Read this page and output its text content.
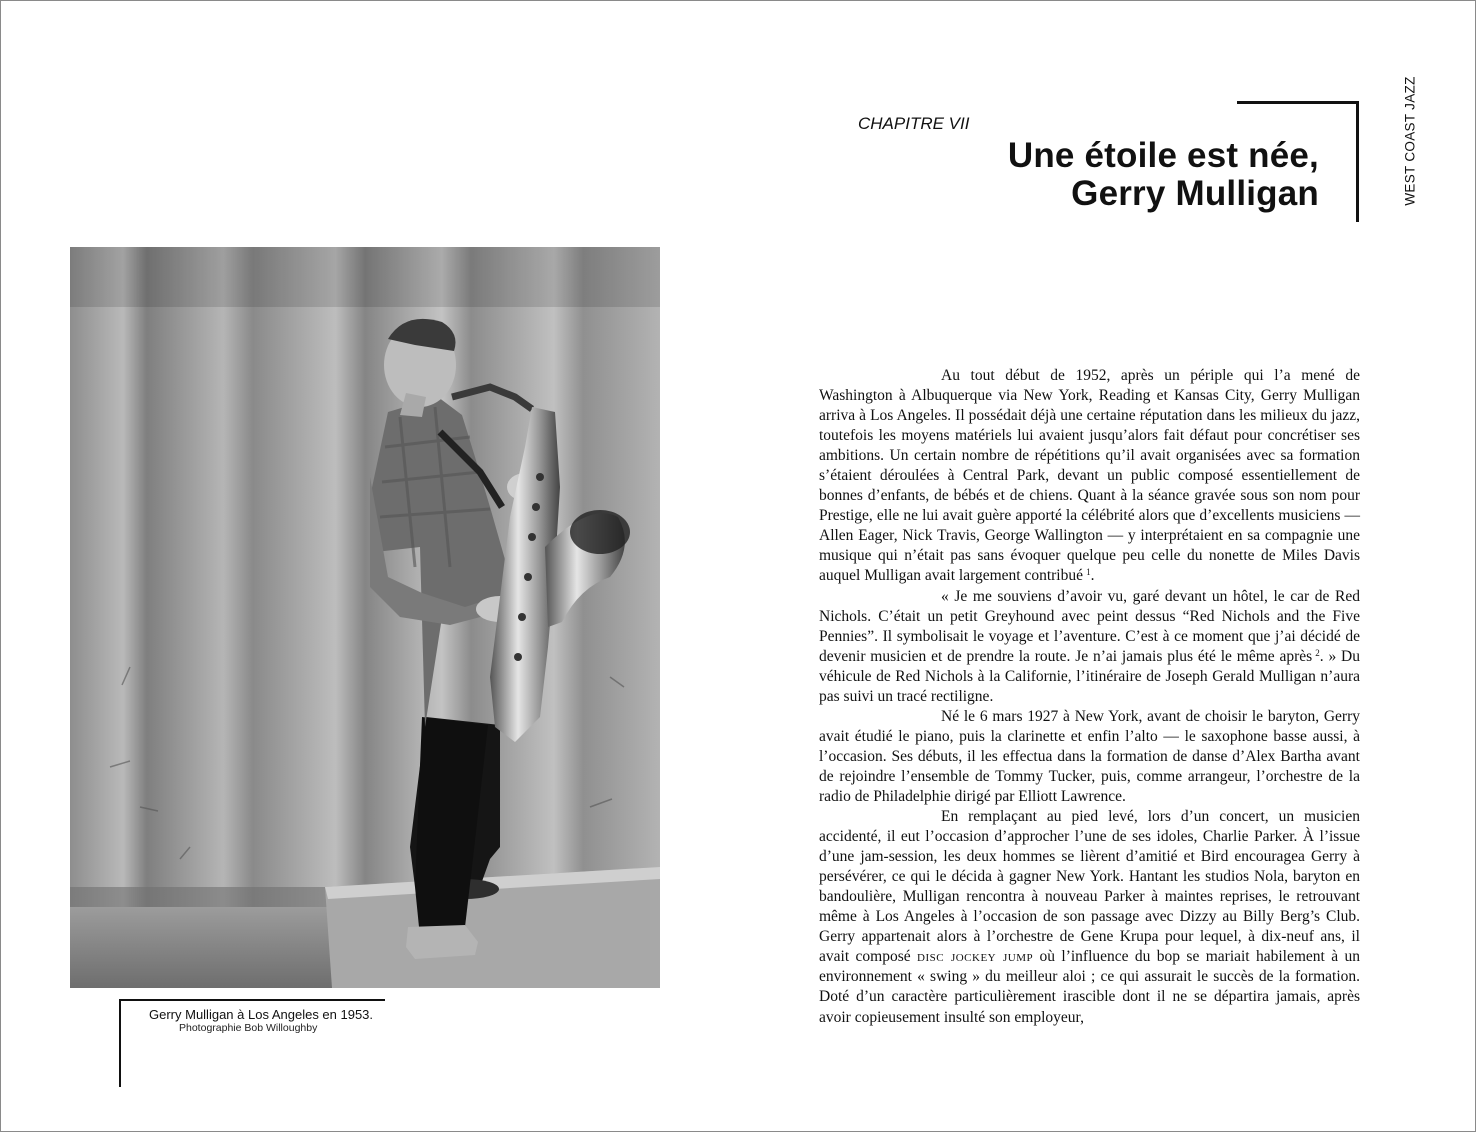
Gerry Mulligan à Los Angeles en 1953.
Photographie Bob Willoughby
CHAPITRE VII
Une étoile est née,
Gerry Mulligan	WEST COAST JAZZ

Au tout début de 1952, après un périple qui l’a mené de Washington à Albuquerque via New York, Reading et Kansas City, Gerry Mulligan arriva à Los Angeles. Il possédait déjà une certaine réputation dans les milieux du jazz, toutefois les moyens matériels lui avaient jusqu’alors fait défaut pour concrétiser ses ambitions. Un certain nombre de répétitions qu’il avait organisées avec sa formation s’étaient déroulées à Central Park, devant un public composé essentiellement de bonnes d’enfants, de bébés et de chiens. Quant à la séance gravée sous son nom pour Prestige, elle ne lui avait guère apporté la célébrité alors que d’excellents musiciens — Allen Eager, Nick Travis, George Wallington — y interprétaient en sa compagnie une musique qui n’était pas sans évoquer quelque peu celle du nonette de Miles Davis auquel Mulligan avait largement contribué  $^1$.

« Je me souviens d’avoir vu, garé devant un hôtel, le car de Red Nichols. C’était un petit Greyhound avec peint dessus “Red Nichols and the Five Pennies”. Il symbolisait le voyage et l’aventure. C’est à ce moment que j’ai décidé de devenir musicien et de prendre la route. Je n’ai jamais plus été le même après  $^2$. » Du véhicule de Red Nichols à la Californie, l’itinéraire de Joseph Gerald Mulligan n’aura pas suivi un tracé rectiligne.

Né le 6 mars 1927 à New York, avant de choisir le baryton, Gerry avait étudié le piano, puis la clarinette et enfin l’alto — le saxophone basse aussi, à l’occasion. Ses débuts, il les effectua dans la formation de danse d’Alex Bartha avant de rejoindre l’ensemble de Tommy Tucker, puis, comme arrangeur, l’orchestre de la radio de Philadelphie dirigé par Elliott Lawrence.

En remplaçant au pied levé, lors d’un concert, un musicien accidenté, il eut l’occasion d’approcher l’une de ses idoles, Charlie Parker. À l’issue d’une jam-session, les deux hommes se lièrent d’amitié et Bird encouragea Gerry à persévérer, ce qui le décida à gagner New York. Hantant les studios Nola, baryton en bandoulière, Mulligan rencontra à nouveau Parker à maintes reprises, le retrouvant même à Los Angeles à l’occasion de son passage avec Dizzy au Billy Berg’s Club. Gerry appartenait alors à l’orchestre de Gene Krupa pour lequel, à dix-neuf ans, il avait composé disc jockey jump où l’influence du bop se mariait habilement à un environnement « swing » du meilleur aloi ; ce qui assurait le succès de la formation. Doté d’un caractère particulièrement irascible dont il ne se départira jamais, après avoir copieusement insulté son employeur,
